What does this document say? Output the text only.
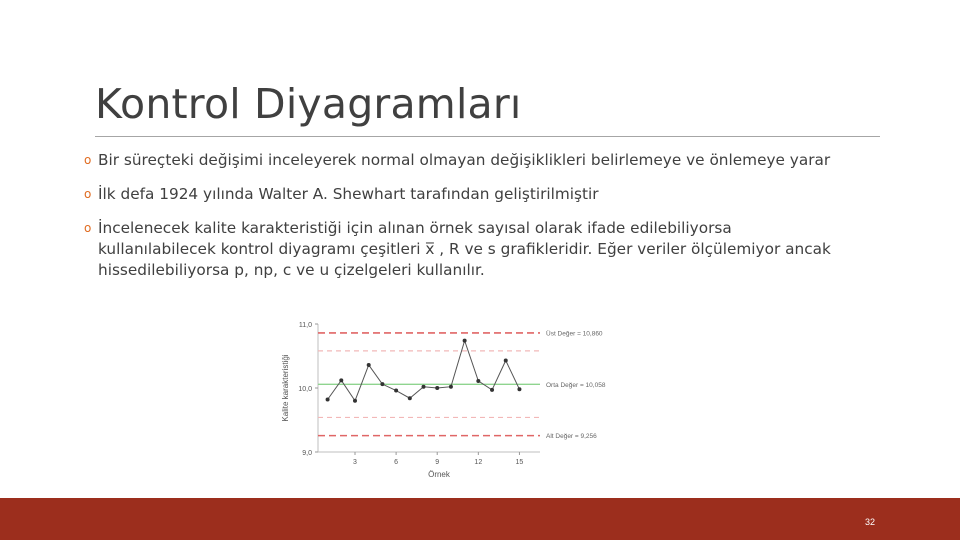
Kontrol Diyagramları
o Bir süreçteki değişimi inceleyerek normal olmayan değişiklikleri belirlemeye ve önlemeye yarar
o İlk defa 1924 yılında Walter A. Shewhart tarafından geliştirilmiştir
o İncelenecek kalite karakteristiği için alınan örnek sayısal olarak ifade edilebiliyorsa
kullanılabilecek kontrol diyagramı çeşitleri x̅ , R ve s grafikleridir. Eğer veriler ölçülemiyor ancak
hissedilebiliyorsa p, np, c ve u çizelgeleri kullanılır.
11,0
10,0
9,0
3	6	9	12	15
Örnek
Kalite karakteristiği
Üst Değer = 10,860
Orta Değer = 10,058
Alt Değer = 9,256
32
